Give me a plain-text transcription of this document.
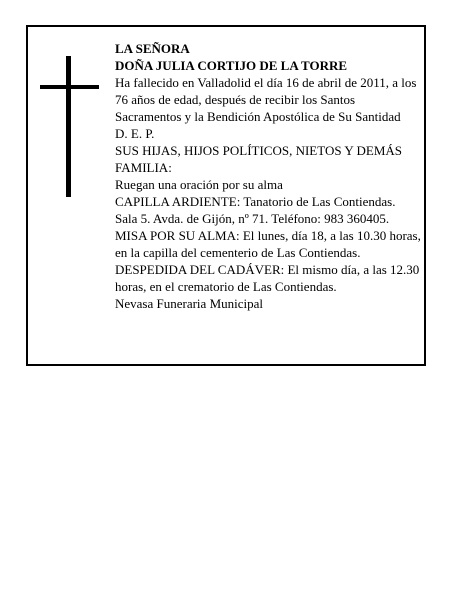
LA SEÑORA

DOÑA JULIA CORTIJO DE LA TORRE

Ha fallecido en Valladolid el día 16 de abril de 2011, a los 76 años de edad, después de recibir los Santos Sacramentos y la Bendición Apostólica de Su Santidad

D. E. P.

SUS HIJAS, HIJOS POLÍTICOS, NIETOS Y DEMÁS FAMILIA:

Ruegan una oración por su alma

CAPILLA ARDIENTE: Tanatorio de Las Contiendas. Sala 5. Avda. de Gijón, nº 71. Teléfono: 983 360405.

MISA POR SU ALMA: El lunes, día 18, a las 10.30 horas, en la capilla del cementerio de Las Contiendas.

DESPEDIDA DEL CADÁVER: El mismo día, a las 12.30 horas, en el crematorio de Las Contiendas.

Nevasa Funeraria Municipal
